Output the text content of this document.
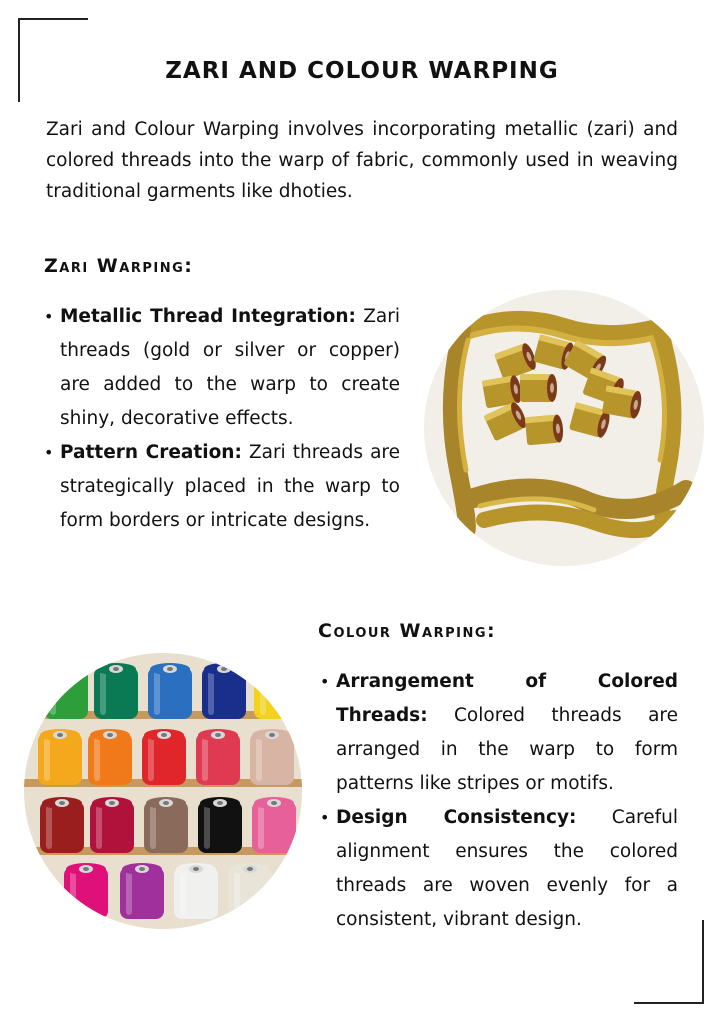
ZARI AND COLOUR WARPING

Zari and Colour Warping involves incorporating metallic (zari) and colored threads into the warp of fabric, commonly used in weaving traditional garments like dhoties.

Zari Warping:
• Metallic Thread Integration: Zari threads (gold or silver or copper) are added to the warp to create shiny, decorative effects.
• Pattern Creation: Zari threads are strategically placed in the warp to form borders or intricate designs.
Colour Warping:
• Arrangement of Colored Threads: Colored threads are arranged in the warp to form patterns like stripes or motifs.
• Design Consistency: Careful alignment ensures the colored threads are woven evenly for a consistent, vibrant design.
